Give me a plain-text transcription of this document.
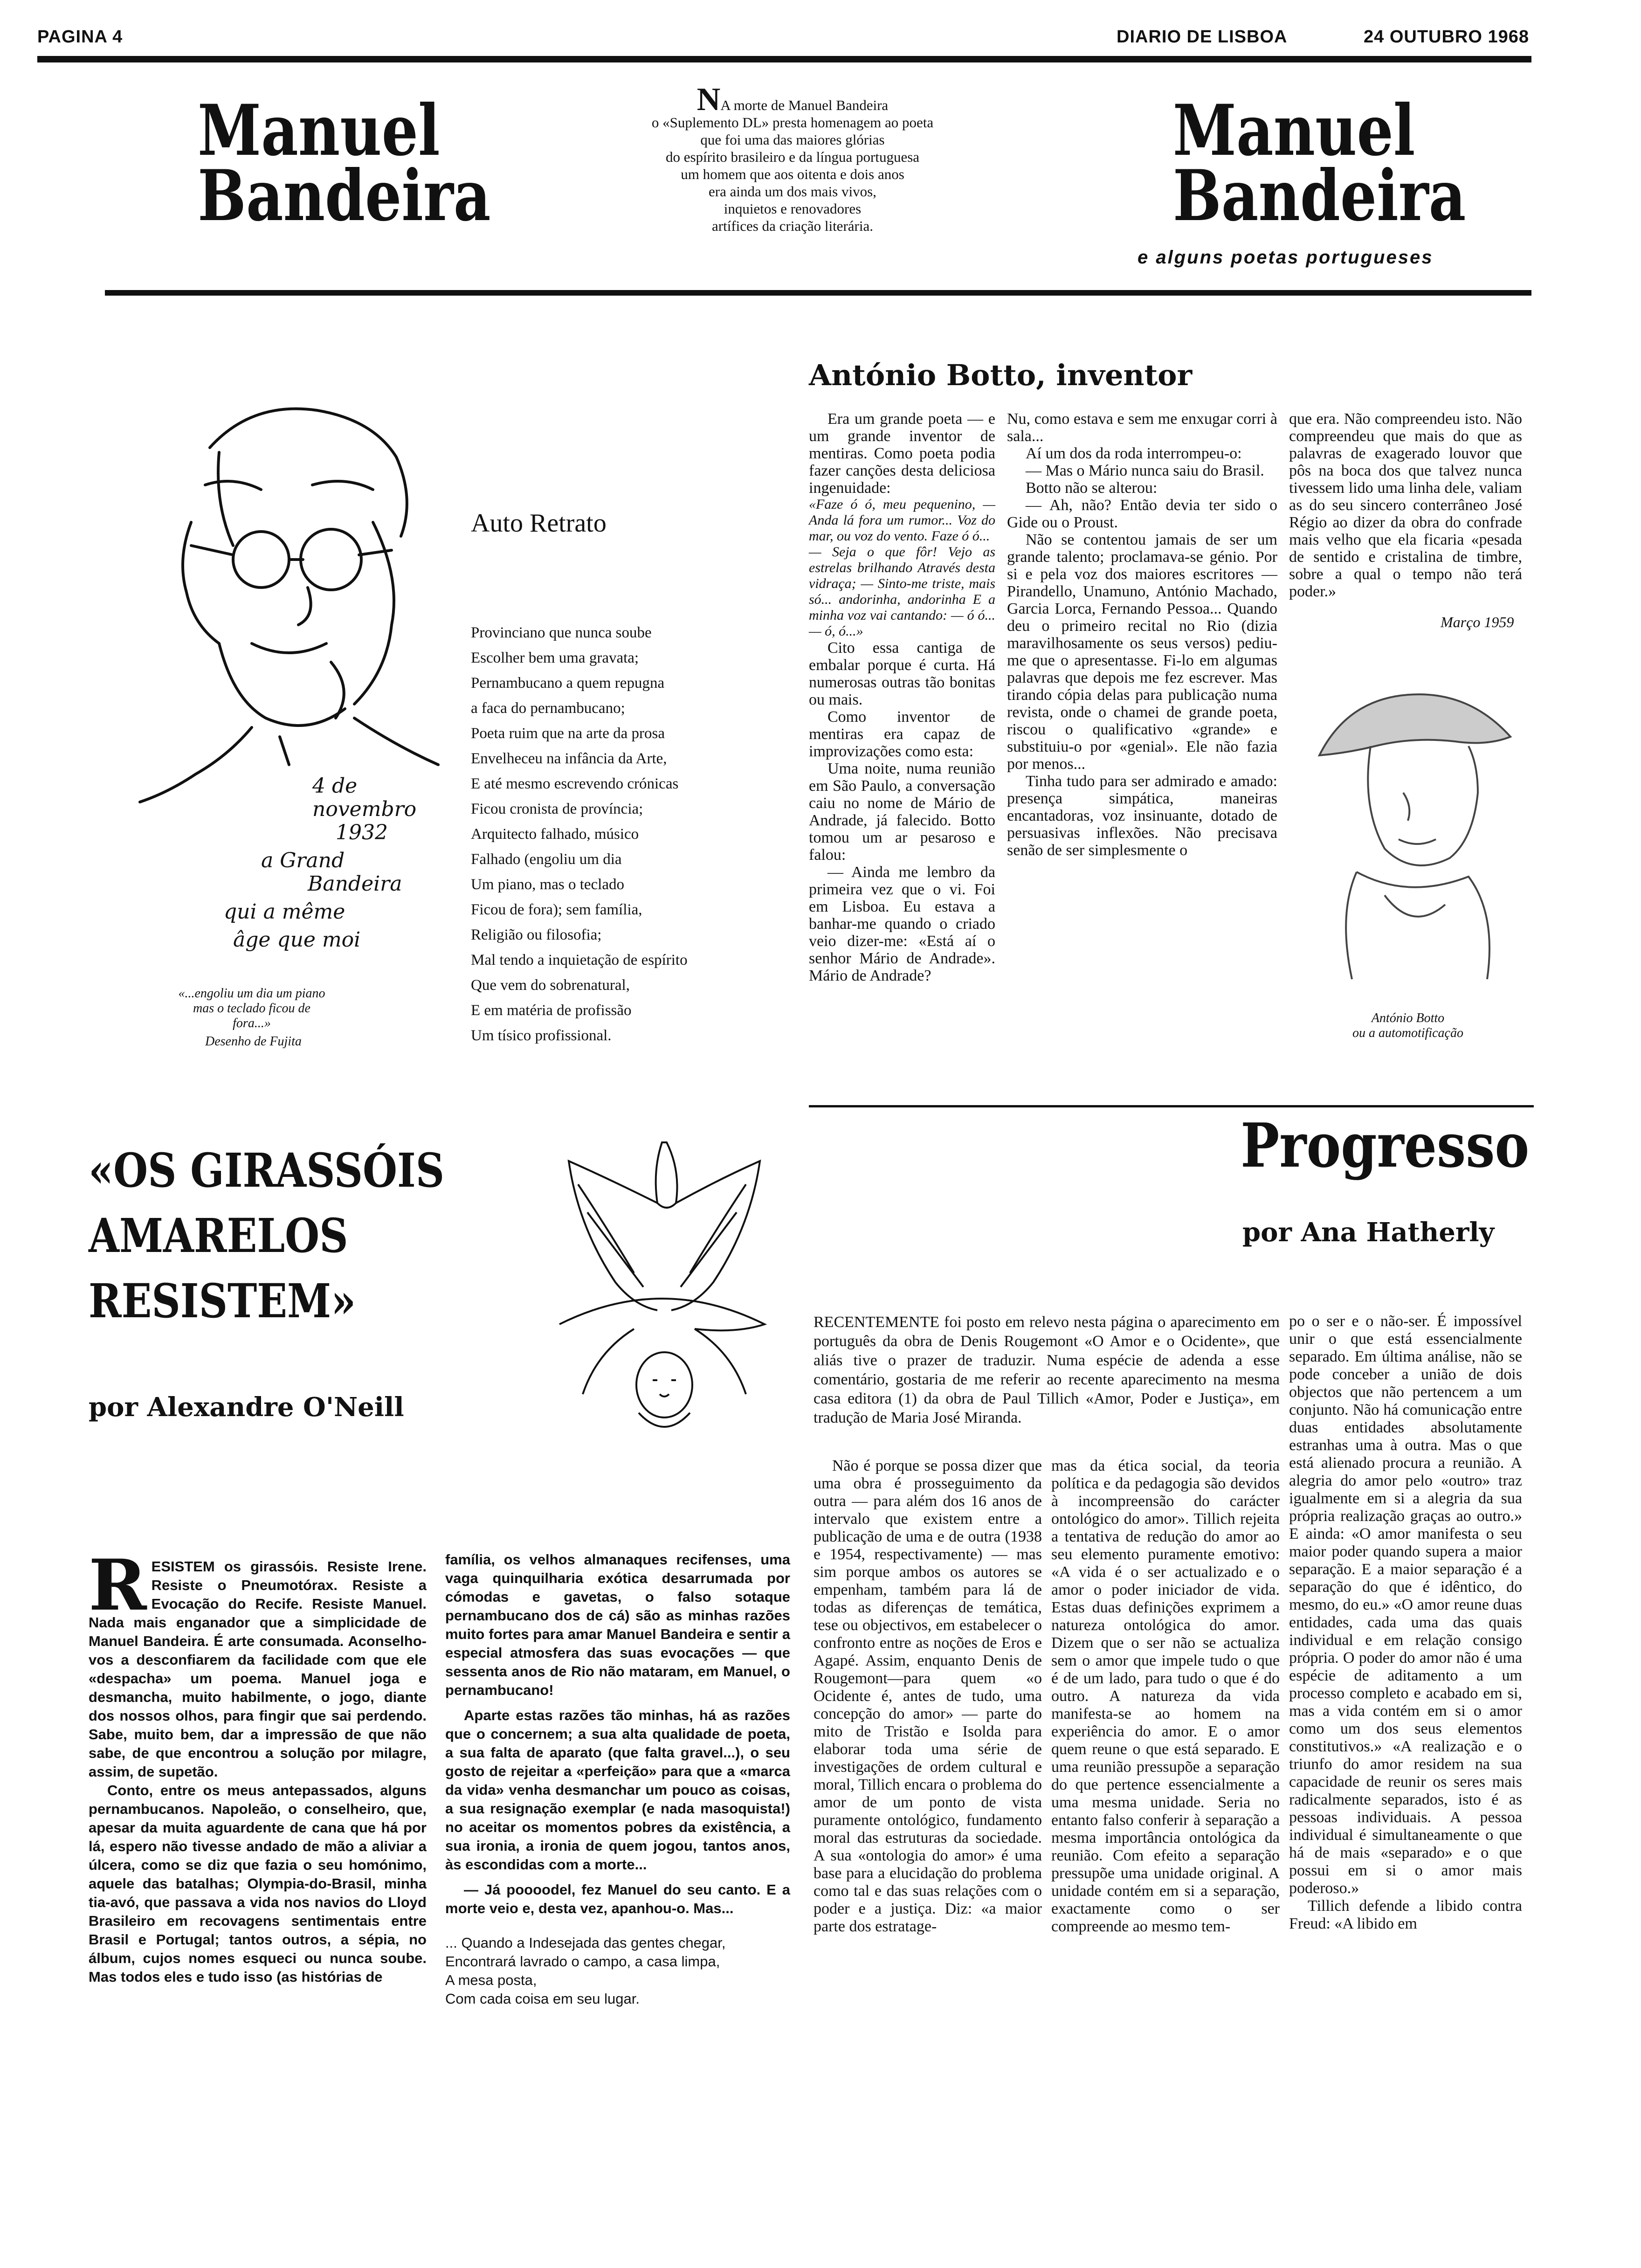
PAGINA 4	DIARIO DE LISBOA	24 OUTUBRO 1968
Manuel
Bandeira
NA morte de Manuel Bandeira
o «Suplemento DL» presta homenagem ao poeta
que foi uma das maiores glórias
do espírito brasileiro e da língua portuguesa
um homem que aos oitenta e dois anos
era ainda um dos mais vivos,
inquietos e renovadores
artífices da criação literária.
Manuel
Bandeira
e alguns poetas portugueses
4 de
novembro
1932
a Grand
Bandeira
qui a même
âge que moi
«...engoliu um dia um piano
mas o teclado ficou de
fora...»
Desenho de Fujita
Auto Retrato

Provinciano que nunca soube

Escolher bem uma gravata;

Pernambucano a quem repugna

a faca do pernambucano;

Poeta ruim que na arte da prosa

Envelheceu na infância da Arte,

E até mesmo escrevendo crónicas

Ficou cronista de província;

Arquitecto falhado, músico

Falhado (engoliu um dia

Um piano, mas o teclado

Ficou de fora); sem família,

Religião ou filosofia;

Mal tendo a inquietação de espírito

Que vem do sobrenatural,

E em matéria de profissão

Um tísico profissional.

António Botto, inventor

Era um grande poeta — e um grande inventor de mentiras. Como poeta podia fazer canções desta deliciosa ingenuidade:

«Faze ó ó, meu pequenino, — Anda lá fora um rumor... Voz do mar, ou voz do vento. Faze ó ó...

— Seja o que fôr! Vejo as estrelas brilhando Através desta vidraça; — Sinto-me triste, mais só... andorinha, andorinha E a minha voz vai cantando: — ó ó... — ó, ó...»

Cito essa cantiga de embalar porque é curta. Há numerosas outras tão bonitas ou mais.

Como inventor de mentiras era capaz de improvizações como esta:

Uma noite, numa reunião em São Paulo, a conversação caiu no nome de Mário de Andrade, já falecido. Botto tomou um ar pesaroso e falou:

— Ainda me lembro da primeira vez que o vi. Foi em Lisboa. Eu estava a banhar-me quando o criado veio dizer-me: «Está aí o senhor Mário de Andrade». Mário de Andrade?

Nu, como estava e sem me enxugar corri à sala...

Aí um dos da roda interrompeu-o:

— Mas o Mário nunca saiu do Brasil.

Botto não se alterou:

— Ah, não? Então devia ter sido o Gide ou o Proust.

Não se contentou jamais de ser um grande talento; proclamava-se génio. Por si e pela voz dos maiores escritores — Pirandello, Unamuno, António Machado, Garcia Lorca, Fernando Pessoa... Quando deu o primeiro recital no Rio (dizia maravilhosamente os seus versos) pediu-me que o apresentasse. Fi-lo em algumas palavras que depois me fez escrever. Mas tirando cópia delas para publicação numa revista, onde o chamei de grande poeta, riscou o qualificativo «grande» e substituiu-o por «genial». Ele não fazia por menos...

Tinha tudo para ser admirado e amado: presença simpática, maneiras encantadoras, voz insinuante, dotado de persuasivas inflexões. Não precisava senão de ser simplesmente o

que era. Não compreendeu isto. Não compreendeu que mais do que as palavras de exagerado louvor que pôs na boca dos que talvez nunca tivessem lido uma linha dele, valiam as do seu sincero conterrâneo José Régio ao dizer da obra do confrade mais velho que ela ficaria «pesada de sentido e cristalina de timbre, sobre a qual o tempo não terá poder.»

Março 1959
António Botto
ou a automotificação
«OS GIRASSÓIS
AMARELOS
RESISTEM»
por Alexandre O'Neill

RESISTEM os girassóis. Resiste Irene. Resiste o Pneumotórax. Resiste a Evocação do Recife. Resiste Manuel. Nada mais enganador que a simplicidade de Manuel Bandeira. É arte consumada. Aconselho-vos a desconfiarem da facilidade com que ele «despacha» um poema. Manuel joga e desmancha, muito habilmente, o jogo, diante dos nossos olhos, para fingir que sai perdendo. Sabe, muito bem, dar a impressão de que não sabe, de que encontrou a solução por milagre, assim, de supetão.

Conto, entre os meus antepassados, alguns pernambucanos. Napoleão, o conselheiro, que, apesar da muita aguardente de cana que há por lá, espero não tivesse andado de mão a aliviar a úlcera, como se diz que fazia o seu homónimo, aquele das batalhas; Olympia-do-Brasil, minha tia-avó, que passava a vida nos navios do Lloyd Brasileiro em recovagens sentimentais entre Brasil e Portugal; tantos outros, a sépia, no álbum, cujos nomes esqueci ou nunca soube. Mas todos eles e tudo isso (as histórias de

família, os velhos almanaques recifenses, uma vaga quinquilharia exótica desarrumada por cómodas e gavetas, o falso sotaque pernambucano dos de cá) são as minhas razões muito fortes para amar Manuel Bandeira e sentir a especial atmosfera das suas evocações — que sessenta anos de Rio não mataram, em Manuel, o pernambucano!

Aparte estas razões tão minhas, há as razões que o concernem; a sua alta qualidade de poeta, a sua falta de aparato (que falta gravel...), o seu gosto de rejeitar a «perfeição» para que a «marca da vida» venha desmanchar um pouco as coisas, a sua resignação exemplar (e nada masoquista!) no aceitar os momentos pobres da existência, a sua ironia, a ironia de quem jogou, tantos anos, às escondidas com a morte...

— Já poooodel, fez Manuel do seu canto. E a morte veio e, desta vez, apanhou-o. Mas...

... Quando a Indesejada das gentes chegar,
Encontrará lavrado o campo, a casa limpa,
A mesa posta,
Com cada coisa em seu lugar.
Progresso
por Ana Hatherly

RECENTEMENTE foi posto em relevo nesta página o aparecimento em português da obra de Denis Rougemont «O Amor e o Ocidente», que aliás tive o prazer de traduzir. Numa espécie de adenda a esse comentário, gostaria de me referir ao recente aparecimento na mesma casa editora (1) da obra de Paul Tillich «Amor, Poder e Justiça», em tradução de Maria José Miranda.

Não é porque se possa dizer que uma obra é prosseguimento da outra — para além dos 16 anos de intervalo que existem entre a publicação de uma e de outra (1938 e 1954, respectivamente) — mas sim porque ambos os autores se empenham, também para lá de todas as diferenças de temática, tese ou objectivos, em estabelecer o confronto entre as noções de Eros e Agapé. Assim, enquanto Denis de Rougemont—para quem «o Ocidente é, antes de tudo, uma concepção do amor» — parte do mito de Tristão e Isolda para elaborar toda uma série de investigações de ordem cultural e moral, Tillich encara o problema do amor de um ponto de vista puramente ontológico, fundamento moral das estruturas da sociedade. A sua «ontologia do amor» é uma base para a elucidação do problema como tal e das suas relações com o poder e a justiça. Diz: «a maior parte dos estratage-

mas da ética social, da teoria política e da pedagogia são devidos à incompreensão do carácter ontológico do amor». Tillich rejeita a tentativa de redução do amor ao seu elemento puramente emotivo: «A vida é o ser actualizado e o amor o poder iniciador de vida. Estas duas definições exprimem a natureza ontológica do amor. Dizem que o ser não se actualiza sem o amor que impele tudo o que é de um lado, para tudo o que é do outro. A natureza da vida manifesta-se ao homem na experiência do amor. E o amor quem reune o que está separado. E uma reunião pressupõe a separação do que pertence essencialmente a uma mesma unidade. Seria no entanto falso conferir à separação a mesma importância ontológica da reunião. Com efeito a separação pressupõe uma unidade original. A unidade contém em si a separação, exactamente como o ser compreende ao mesmo tem-

po o ser e o não-ser. É impossível unir o que está essencialmente separado. Em última análise, não se pode conceber a união de dois objectos que não pertencem a um conjunto. Não há comunicação entre duas entidades absolutamente estranhas uma à outra. Mas o que está alienado procura a reunião. A alegria do amor pelo «outro» traz igualmente em si a alegria da sua própria realização graças ao outro.» E ainda: «O amor manifesta o seu maior poder quando supera a maior separação. E a maior separação é a separação do que é idêntico, do mesmo, do eu.» «O amor reune duas entidades, cada uma das quais individual e em relação consigo própria. O poder do amor não é uma espécie de aditamento a um processo completo e acabado em si, mas a vida contém em si o amor como um dos seus elementos constitutivos.» «A realização e o triunfo do amor residem na sua capacidade de reunir os seres mais radicalmente separados, isto é as pessoas individuais. A pessoa individual é simultaneamente o que há de mais «separado» e o que possui em si o amor mais poderoso.»

Tillich defende a libido contra Freud: «A libido em
